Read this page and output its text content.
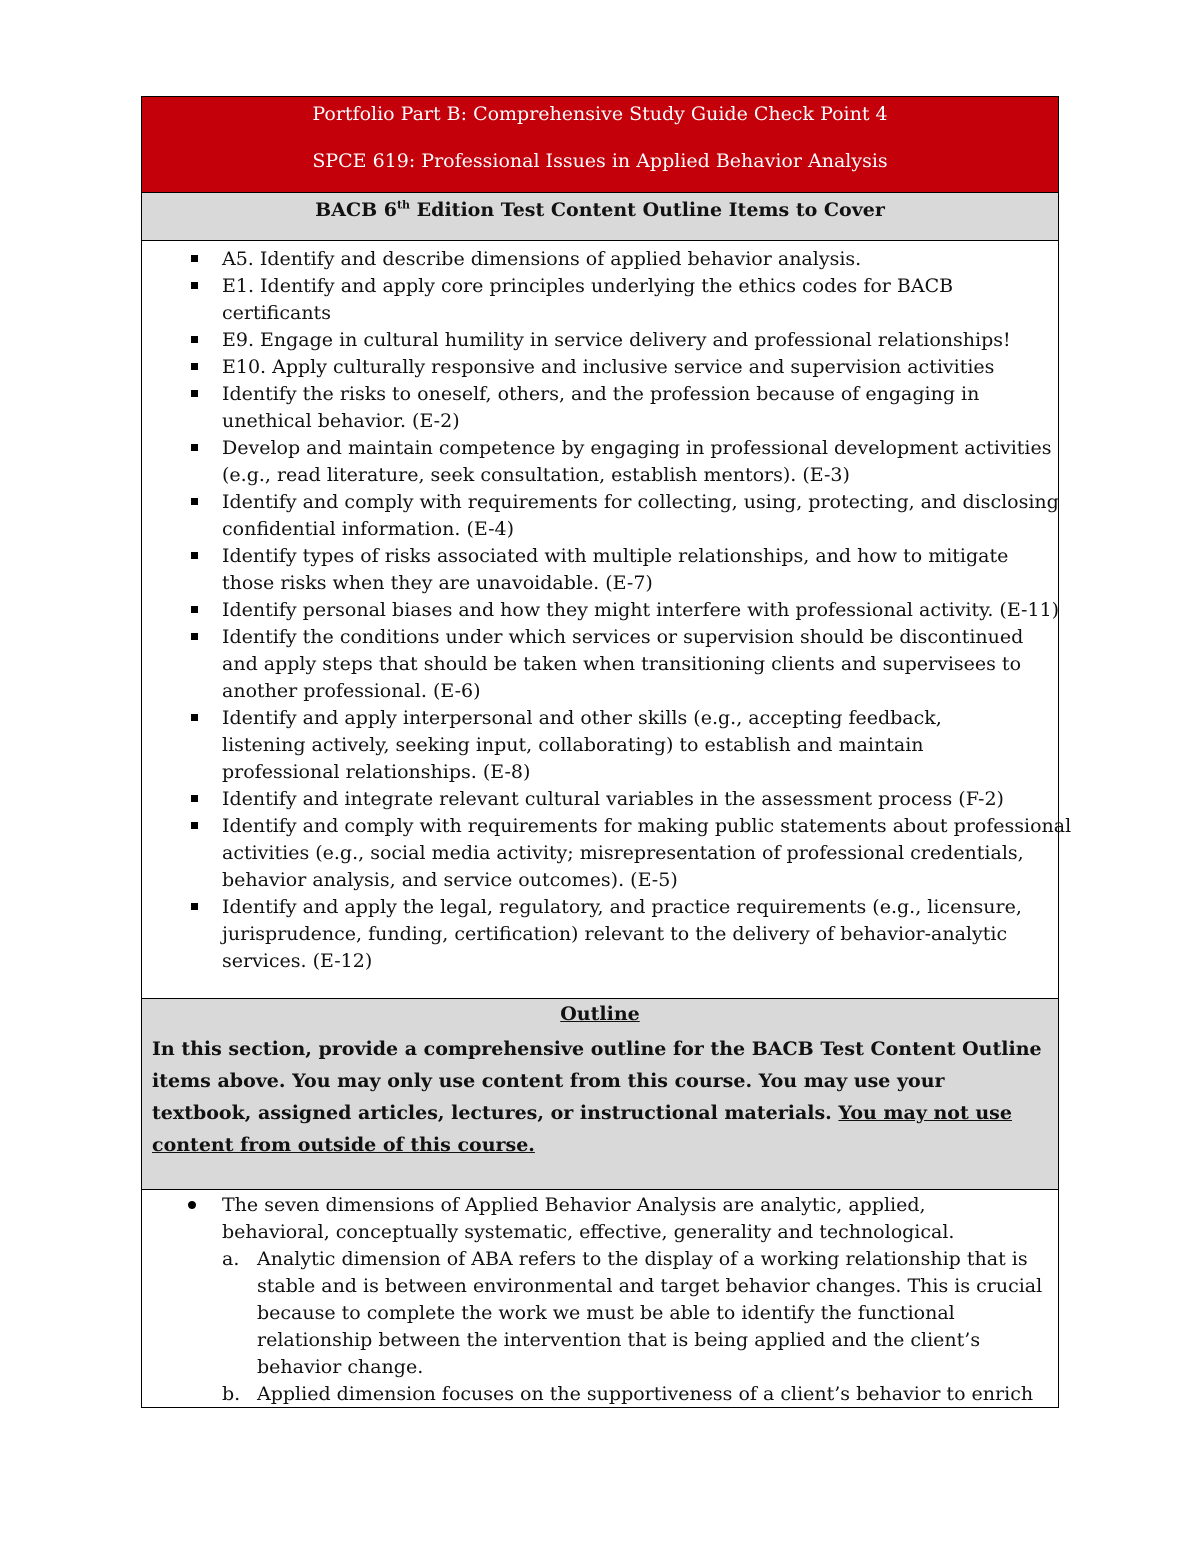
Portfolio Part B: Comprehensive Study Guide Check Point 4
SPCE 619: Professional Issues in Applied Behavior Analysis
BACB 6th Edition Test Content Outline Items to Cover
A5. Identify and describe dimensions of applied behavior analysis.
E1. Identify and apply core principles underlying the ethics codes for BACB certificants
E9. Engage in cultural humility in service delivery and professional relationships!
E10. Apply culturally responsive and inclusive service and supervision activities
Identify the risks to oneself, others, and the profession because of engaging in unethical behavior. (E-2)
Develop and maintain competence by engaging in professional development activities (e.g., read literature, seek consultation, establish mentors). (E-3)
Identify and comply with requirements for collecting, using, protecting, and disclosing confidential information. (E-4)
Identify types of risks associated with multiple relationships, and how to mitigate those risks when they are unavoidable. (E-7)
Identify personal biases and how they might interfere with professional activity. (E-11)
Identify the conditions under which services or supervision should be discontinued and apply steps that should be taken when transitioning clients and supervisees to another professional. (E-6)
Identify and apply interpersonal and other skills (e.g., accepting feedback, listening actively, seeking input, collaborating) to establish and maintain professional relationships. (E-8)
Identify and integrate relevant cultural variables in the assessment process (F-2)
Identify and comply with requirements for making public statements about professional activities (e.g., social media activity; misrepresentation of professional credentials, behavior analysis, and service outcomes). (E-5)
Identify and apply the legal, regulatory, and practice requirements (e.g., licensure, jurisprudence, funding, certification) relevant to the delivery of behavior-analytic services. (E-12)
Outline
In this section, provide a comprehensive outline for the BACB Test Content Outline items above. You may only use content from this course. You may use your textbook, assigned articles, lectures, or instructional materials. You may not use content from outside of this course.
The seven dimensions of Applied Behavior Analysis are analytic, applied, behavioral, conceptually systematic, effective, generality and technological.
a. Analytic dimension of ABA refers to the display of a working relationship that is stable and is between environmental and target behavior changes. This is crucial because to complete the work we must be able to identify the functional relationship between the intervention that is being applied and the client’s behavior change.
b. Applied dimension focuses on the supportiveness of a client’s behavior to enrich
